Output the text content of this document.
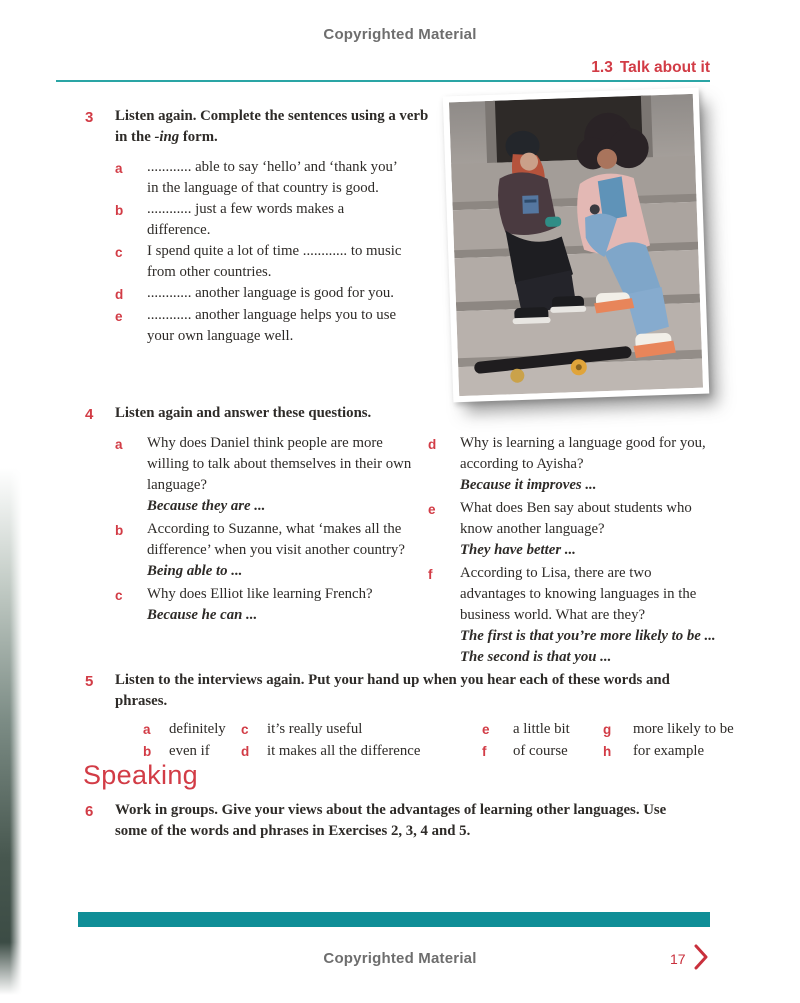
Copyrighted Material
1.3 Talk about it
3	Listen again. Complete the sentences using a verb in the -ing form.

a	............ able to say ‘hello’ and ‘thank you’ in the language of that country is good.
b	............ just a few words makes a difference.
c	I spend quite a lot of time ............ to music from other countries.
d	............ another language is good for you.
e	............ another language helps you to use your own language well.
4	Listen again and answer these questions.

a	Why does Daniel think people are more willing to talk about themselves in their own language?
Because they are ...
b	According to Suzanne, what ‘makes all the difference’ when you visit another country?
Being able to ...
c	Why does Elliot like learning French?
Because he can ...
d	Why is learning a language good for you, according to Ayisha?
Because it improves ...
e	What does Ben say about students who know another language?
They have better ...
f	According to Lisa, there are two advantages to knowing languages in the business world. What are they?
The first is that you’re more likely to be ... The second is that you ...
5	Listen to the interviews again. Put your hand up when you hear each of these words and phrases.

a	definitely	c	it’s really useful	e	a little bit	g	more likely to be
b	even if	d	it makes all the difference	f	of course	h	for example
Speaking
6	Work in groups. Give your views about the advantages of learning other languages. Use some of the words and phrases in Exercises 2, 3, 4 and 5.

Copyrighted Material	17
